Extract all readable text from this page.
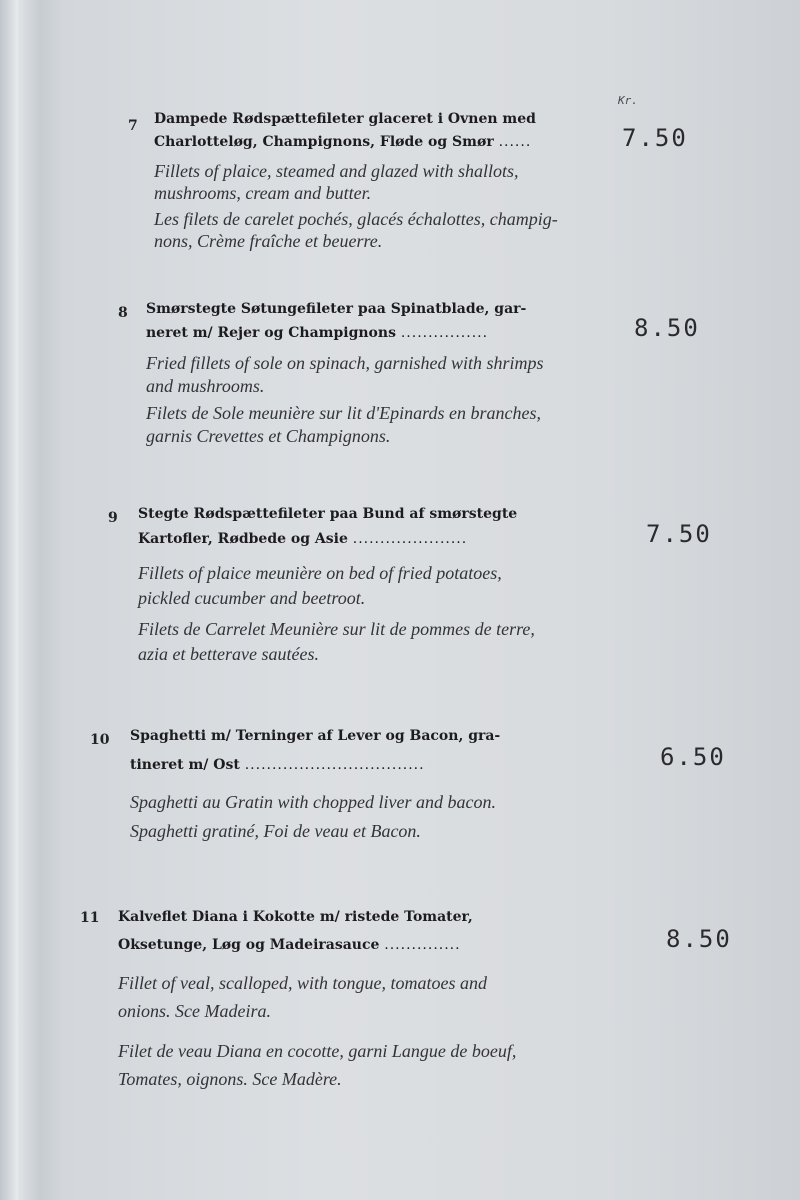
Kr.
7 Dampede Rødspættefileter glaceret i Ovnen med
Charlotteløg, Champignons, Fløde og Smør ......	7.50
Fillets of plaice, steamed and glazed with shallots,
mushrooms, cream and butter.
Les filets de carelet pochés, glacés échalottes, champig-
nons, Crème fraîche et beuerre.
8 Smørstegte Søtungefileter paa Spinatblade, gar-
neret m/ Rejer og Champignons ................	8.50
Fried fillets of sole on spinach, garnished with shrimps
and mushrooms.
Filets de Sole meunière sur lit d'Epinards en branches,
garnis Crevettes et Champignons.
9 Stegte Rødspættefileter paa Bund af smørstegte
Kartofler, Rødbede og Asie .....................	7.50
Fillets of plaice meunière on bed of fried potatoes,
pickled cucumber and beetroot.
Filets de Carrelet Meunière sur lit de pommes de terre,
azia et betterave sautées.
10 Spaghetti m/ Terninger af Lever og Bacon, gra-
tineret m/ Ost .................................	6.50
Spaghetti au Gratin with chopped liver and bacon.
Spaghetti gratiné, Foi de veau et Bacon.
11 Kalveflet Diana i Kokotte m/ ristede Tomater,
Oksetunge, Løg og Madeirasauce ..............	8.50
Fillet of veal, scalloped, with tongue, tomatoes and
onions. Sce Madeira.
Filet de veau Diana en cocotte, garni Langue de boeuf,
Tomates, oignons. Sce Madère.
